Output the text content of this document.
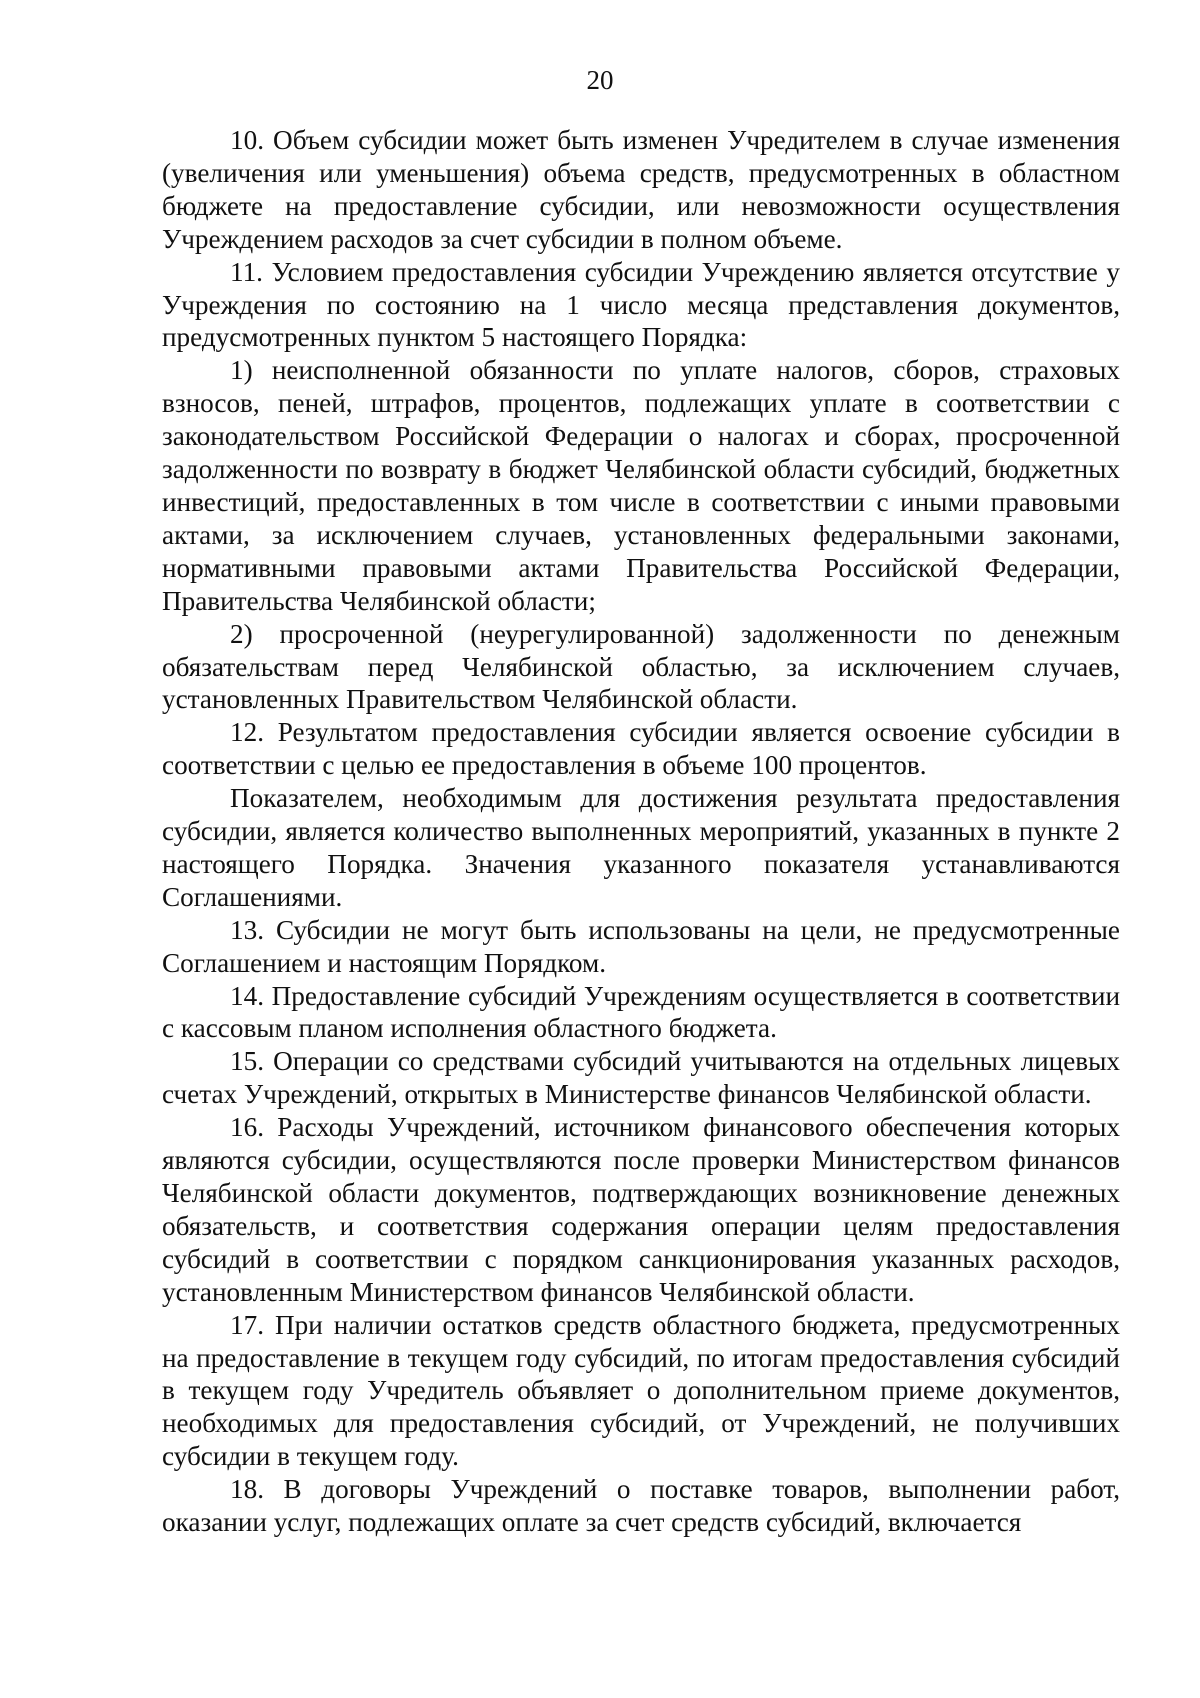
20

10. Объем субсидии может быть изменен Учредителем в случае изменения (увеличения или уменьшения) объема средств, предусмотренных в областном бюджете на предоставление субсидии, или невозможности осуществления Учреждением расходов за счет субсидии в полном объеме.

11. Условием предоставления субсидии Учреждению является отсутствие у Учреждения по состоянию на 1 число месяца представления документов, предусмотренных пунктом 5 настоящего Порядка:

1) неисполненной обязанности по уплате налогов, сборов, страховых взносов, пеней, штрафов, процентов, подлежащих уплате в соответствии с законодательством Российской Федерации о налогах и сборах, просроченной задолженности по возврату в бюджет Челябинской области субсидий, бюджетных инвестиций, предоставленных в том числе в соответствии с иными правовыми актами, за исключением случаев, установленных федеральными законами, нормативными правовыми актами Правительства Российской Федерации, Правительства Челябинской области;

2) просроченной (неурегулированной) задолженности по денежным обязательствам перед Челябинской областью, за исключением случаев, установленных Правительством Челябинской области.

12. Результатом предоставления субсидии является освоение субсидии в соответствии с целью ее предоставления в объеме 100 процентов.

Показателем, необходимым для достижения результата предоставления субсидии, является количество выполненных мероприятий, указанных в пункте 2 настоящего Порядка. Значения указанного показателя устанавливаются Соглашениями.

13. Субсидии не могут быть использованы на цели, не предусмотренные Соглашением и настоящим Порядком.

14. Предоставление субсидий Учреждениям осуществляется в соответствии с кассовым планом исполнения областного бюджета.

15. Операции со средствами субсидий учитываются на отдельных лицевых счетах Учреждений, открытых в Министерстве финансов Челябинской области.

16. Расходы Учреждений, источником финансового обеспечения которых являются субсидии, осуществляются после проверки Министерством финансов Челябинской области документов, подтверждающих возникновение денежных обязательств, и соответствия содержания операции целям предоставления субсидий в соответствии с порядком санкционирования указанных расходов, установленным Министерством финансов Челябинской области.

17. При наличии остатков средств областного бюджета, предусмотренных на предоставление в текущем году субсидий, по итогам предоставления субсидий в текущем году Учредитель объявляет о дополнительном приеме документов, необходимых для предоставления субсидий, от Учреждений, не получивших субсидии в текущем году.

18. В договоры Учреждений о поставке товаров, выполнении работ, оказании услуг, подлежащих оплате за счет средств субсидий, включается
